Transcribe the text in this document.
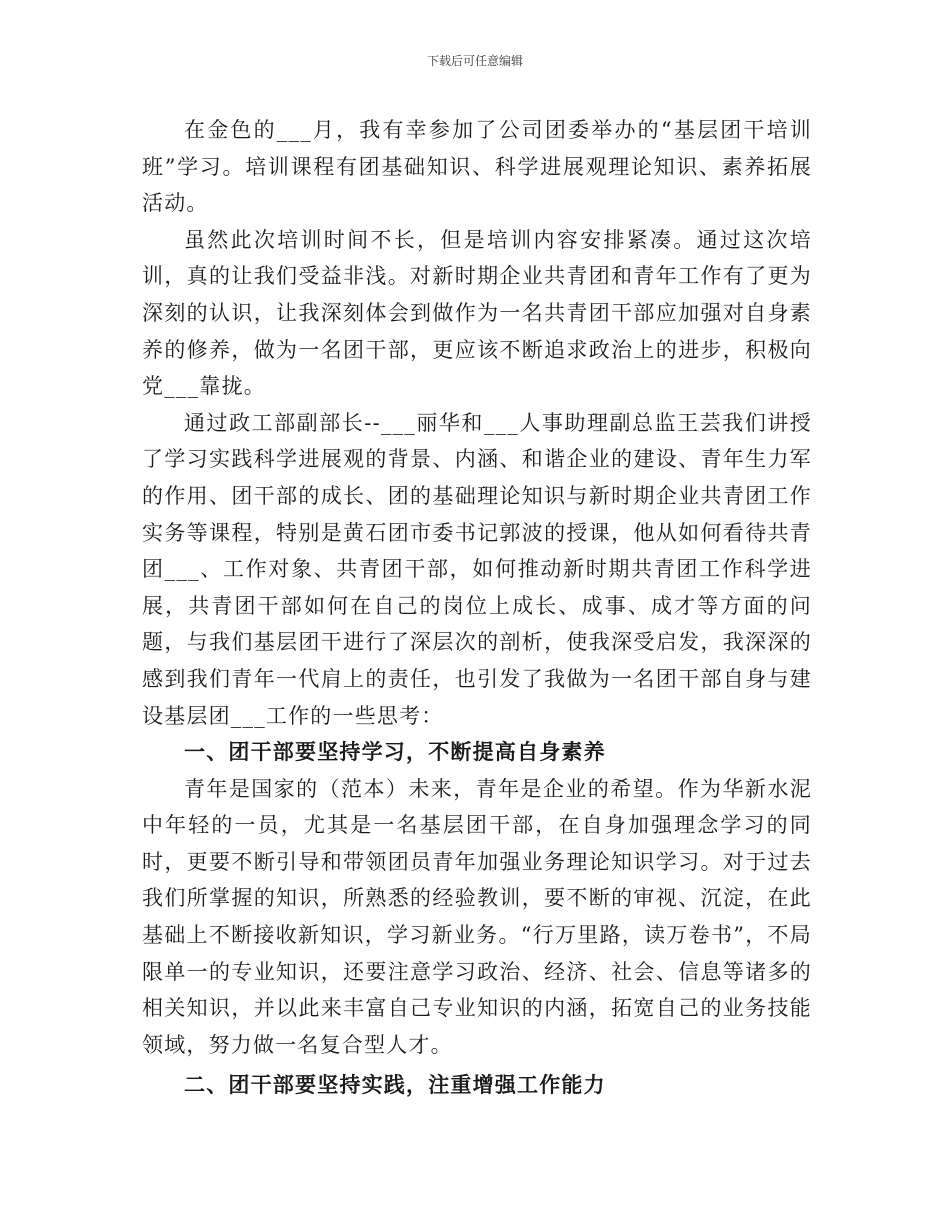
下载后可任意编辑

在金色的___月，我有幸参加了公司团委举办的“基层团干培训班”学习。培训课程有团基础知识、科学进展观理论知识、素养拓展活动。

虽然此次培训时间不长，但是培训内容安排紧凑。通过这次培训，真的让我们受益非浅。对新时期企业共青团和青年工作有了更为深刻的认识，让我深刻体会到做作为一名共青团干部应加强对自身素养的修养，做为一名团干部，更应该不断追求政治上的进步，积极向党___靠拢。

通过政工部副部长--___丽华和___人事助理副总监王芸我们讲授了学习实践科学进展观的背景、内涵、和谐企业的建设、青年生力军的作用、团干部的成长、团的基础理论知识与新时期企业共青团工作实务等课程，特别是黄石团市委书记郭波的授课，他从如何看待共青团___、工作对象、共青团干部，如何推动新时期共青团工作科学进展，共青团干部如何在自己的岗位上成长、成事、成才等方面的问题，与我们基层团干进行了深层次的剖析，使我深受启发，我深深的感到我们青年一代肩上的责任，也引发了我做为一名团干部自身与建设基层团___工作的一些思考：

一、团干部要坚持学习，不断提高自身素养

青年是国家的（范本）未来，青年是企业的希望。作为华新水泥中年轻的一员，尤其是一名基层团干部，在自身加强理念学习的同时，更要不断引导和带领团员青年加强业务理论知识学习。对于过去我们所掌握的知识，所熟悉的经验教训，要不断的审视、沉淀，在此基础上不断接收新知识，学习新业务。“行万里路，读万卷书”，不局限单一的专业知识，还要注意学习政治、经济、社会、信息等诸多的相关知识，并以此来丰富自己专业知识的内涵，拓宽自己的业务技能领域，努力做一名复合型人才。

二、团干部要坚持实践，注重增强工作能力
